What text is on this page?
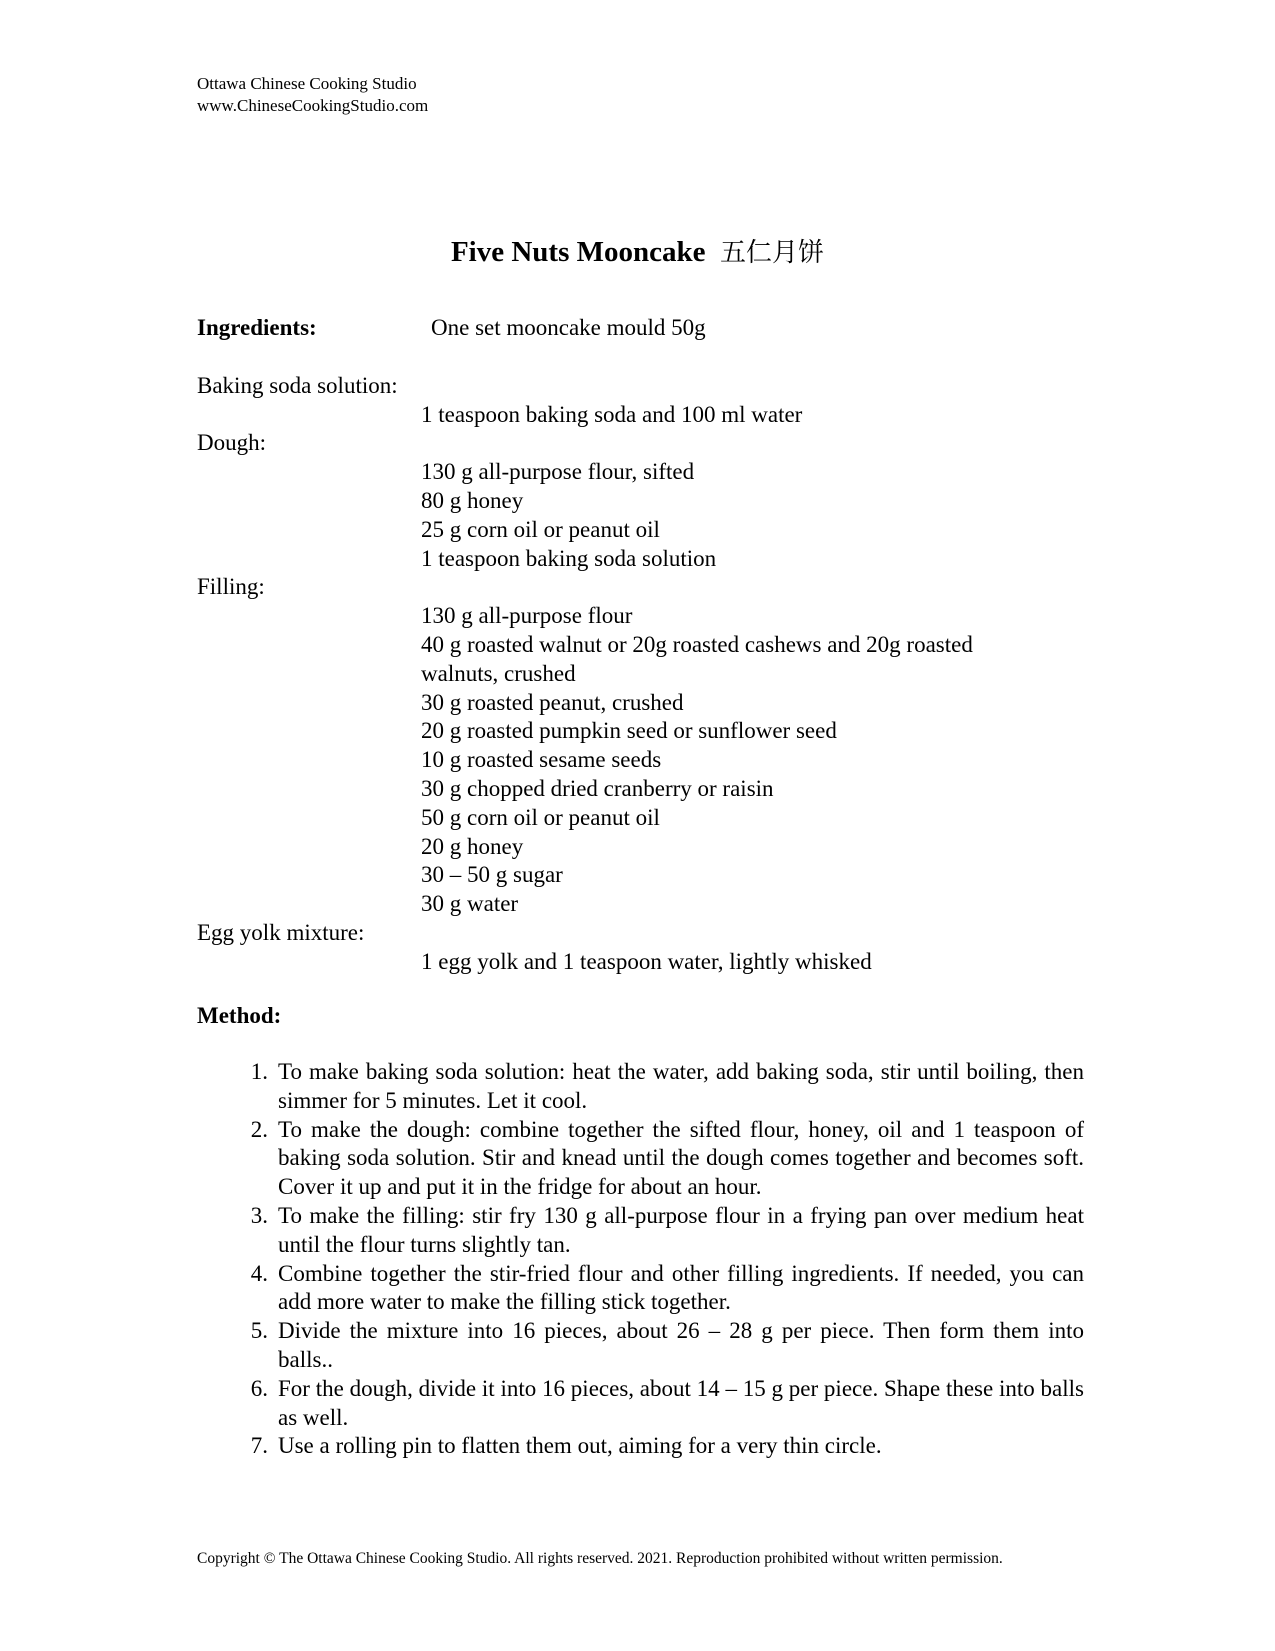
Ottawa Chinese Cooking Studio
www.ChineseCookingStudio.com
Five Nuts Mooncake 五仁月饼
Ingredients:	One set mooncake mould 50g
Baking soda solution:
1 teaspoon baking soda and 100 ml water
Dough:
130 g all-purpose flour, sifted
80 g honey
25 g corn oil or peanut oil
1 teaspoon baking soda solution
Filling:
130 g all-purpose flour
40 g roasted walnut or 20g roasted cashews and 20g roasted walnuts, crushed
30 g roasted peanut, crushed
20 g roasted pumpkin seed or sunflower seed
10 g roasted sesame seeds
30 g chopped dried cranberry or raisin
50 g corn oil or peanut oil
20 g honey
30 – 50 g sugar
30 g water
Egg yolk mixture:
1 egg yolk and 1 teaspoon water, lightly whisked
Method:
1. To make baking soda solution: heat the water, add baking soda, stir until boiling, then simmer for 5 minutes. Let it cool.
2. To make the dough: combine together the sifted flour, honey, oil and 1 teaspoon of baking soda solution. Stir and knead until the dough comes together and becomes soft. Cover it up and put it in the fridge for about an hour.
3. To make the filling: stir fry 130 g all-purpose flour in a frying pan over medium heat until the flour turns slightly tan.
4. Combine together the stir-fried flour and other filling ingredients. If needed, you can add more water to make the filling stick together.
5. Divide the mixture into 16 pieces, about 26 – 28 g per piece. Then form them into balls..
6. For the dough, divide it into 16 pieces, about 14 – 15 g per piece. Shape these into balls as well.
7. Use a rolling pin to flatten them out, aiming for a very thin circle.
Copyright © The Ottawa Chinese Cooking Studio. All rights reserved. 2021. Reproduction prohibited without written permission.
